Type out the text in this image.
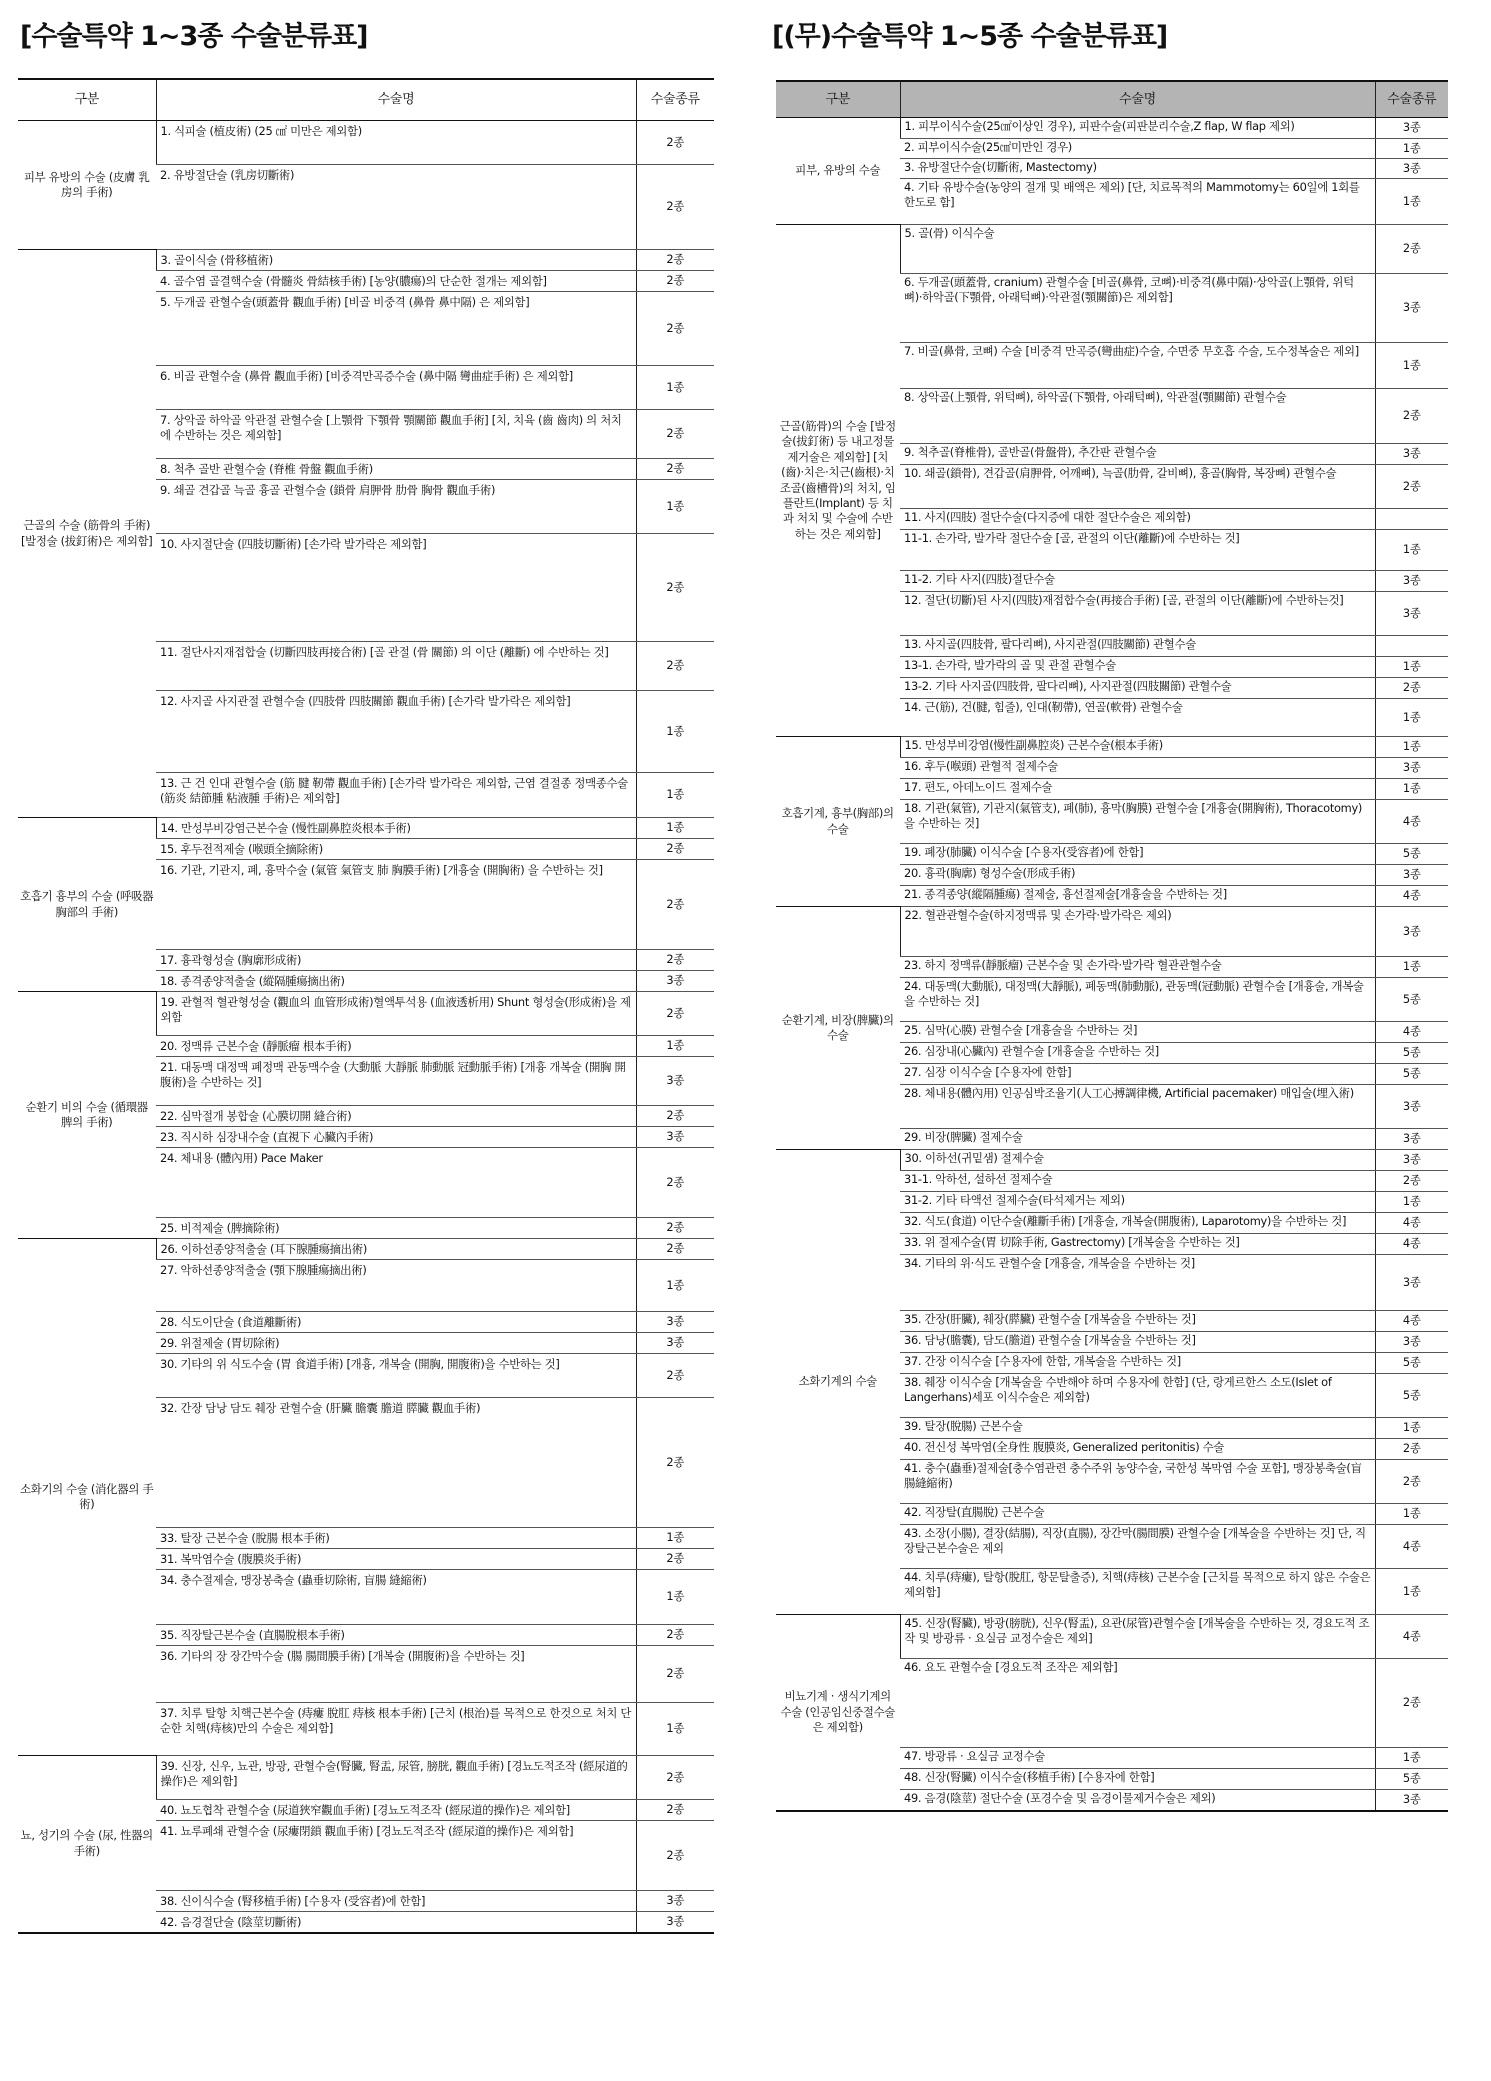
[수술특약 1~3종 수술분류표]
구분	수술명	수술종류
피부 유방의 수술 (皮膚 乳房의 手術)	1. 식피술 (植皮術) (25 ㎠ 미만은 제외함)	2종
	2. 유방절단술 (乳房切斷術)	2종
근골의 수술 (筋骨의 手術) [발정술 (拔釘術)은 제외함]	3. 골이식술 (骨移植術)	2종
	4. 골수염 골결핵수술 (骨髓炎 骨結核手術) [농양(膿瘍)의 단순한 절개는 제외함]	2종
	5. 두개골 관혈수술(頭蓋骨 觀血手術) [비골 비중격 (鼻骨 鼻中隔) 은 제외함]	2종
	6. 비골 관혈수술 (鼻骨 觀血手術) [비중격만곡증수술 (鼻中隔 彎曲症手術) 은 제외함]	1종
	7. 상악골 하악골 악관절 관혈수술 [上顎骨 下顎骨 顎關節 觀血手術] [치, 치육 (齒 齒肉) 의 처치에 수반하는 것은 제외함]	2종
	8. 척추 골반 관혈수술 (脊椎 骨盤 觀血手術)	2종
	9. 쇄골 견갑골 늑골 흉골 관혈수술 (鎖骨 肩胛骨 肋骨 胸骨 觀血手術)	1종
	10. 사지절단술 (四肢切斷術) [손가락 발가락은 제외함]	2종
	11. 절단사지재접합술 (切斷四肢再接合術) [골 관절 (骨 關節) 의 이단 (離斷) 에 수반하는 것]	2종
	12. 사지골 사지관절 관혈수술 (四肢骨 四肢關節 觀血手術) [손가락 발가락은 제외함]	1종
	13. 근 건 인대 관혈수술 (筋 腱 靭帶 觀血手術) [손가락 발가락은 제외함, 근염 결절종 정맥종수술 (筋炎 結節腫 粘液腫 手術)은 제외함]	1종
호흡기 흉부의 수술 (呼吸器 胸部의 手術)	14. 만성부비강염근본수술 (慢性副鼻腔炎根本手術)	1종
	15. 후두전적제술 (喉頭全摘除術)	2종
	16. 기관, 기관지, 폐, 흉막수술 (氣管 氣管支 肺 胸膜手術) [개흉술 (開胸術) 을 수반하는 것]	2종
	17. 흉곽형성술 (胸廓形成術)	2종
	18. 종격종양적출술 (縱隔腫瘍摘出術)	3종
순환기 비의 수술 (循環器 脾의 手術)	19. 관혈적 혈관형성술 (觀血의 血管形成術)혈액투석용 (血液透析用) Shunt 형성술(形成術)을 제외함	2종
	20. 정맥류 근본수술 (靜脈瘤 根本手術)	1종
	21. 대동맥 대정맥 폐정맥 관동맥수술 (大動脈 大靜脈 肺動脈 冠動脈手術) [개흉 개복술 (開胸 開腹術)을 수반하는 것]	3종
	22. 심막절개 봉합술 (心膜切開 縫合術)	2종
	23. 직시하 심장내수술 (直視下 心臟內手術)	3종
	24. 체내용 (體內用) Pace Maker	2종
	25. 비적제술 (脾摘除術)	2종
소화기의 수술 (消化器의 手術)	26. 이하선종양적출술 (耳下腺腫瘍摘出術)	2종
	27. 악하선종양적출술 (顎下腺腫瘍摘出術)	1종
	28. 식도이단술 (食道離斷術)	3종
	29. 위절제술 (胃切除術)	3종
	30. 기타의 위 식도수술 (胃 食道手術) [개흉, 개복술 (開胸, 開腹術)을 수반하는 것]	2종
	32. 간장 담낭 담도 췌장 관혈수술 (肝臟 膽囊 膽道 膵臟 觀血手術)	2종
	33. 탈장 근본수술 (脫腸 根本手術)	1종
	31. 복막염수술 (腹膜炎手術)	2종
	34. 충수절제술, 맹장봉축술 (蟲垂切除術, 盲腸 縫縮術)	1종
	35. 직장탈근본수술 (直腸脫根本手術)	2종
	36. 기타의 장 장간막수술 (腸 腸間膜手術) [개복술 (開腹術)을 수반하는 것]	2종
	37. 치루 탈항 치핵근본수술 (痔瘻 脫肛 痔核 根本手術) [근치 (根治)를 목적으로 한것으로 처치 단순한 치핵(痔核)만의 수술은 제외함]	1종
뇨, 성기의 수술 (尿, 性器의 手術)	39. 신장, 신우, 뇨관, 방광, 관혈수술(腎臟, 腎盂, 尿管, 膀胱, 觀血手術) [경뇨도적조작 (經尿道的操作)은 제외함]	2종
	40. 뇨도협착 관혈수술 (尿道狹窄觀血手術) [경뇨도적조작 (經尿道的操作)은 제외함]	2종
	41. 뇨루폐쇄 관혈수술 (尿瘻閉鎖 觀血手術) [경뇨도적조작 (經尿道的操作)은 제외함]	2종
	38. 신이식수술 (腎移植手術) [수용자 (受容者)에 한함]	3종
	42. 음경절단술 (陰莖切斷術)	3종
[(무)수술특약 1~5종 수술분류표]
구분	수술명	수술종류
피부, 유방의 수술	1. 피부이식수술(25㎠이상인 경우), 피판수술(피판분리수술,Z flap, W flap 제외)	3종
	2. 피부이식수술(25㎠미만인 경우)	1종
	3. 유방절단수술(切斷術, Mastectomy)	3종
	4. 기타 유방수술(농양의 절개 및 배액은 제외) [단, 치료목적의 Mammotomy는 60일에 1회를 한도로 함]	1종
근골(筋骨)의 수술 [발정술(拔釘術) 등 내고정물 제거술은 제외함] [치(齒)·치은·치근(齒根)·치조골(齒槽骨)의 처치, 임플란트(Implant) 등 치과 처치 및 수술에 수반하는 것은 제외함]	5. 골(骨) 이식수술	2종
	6. 두개골(頭蓋骨, cranium) 관혈수술 [비골(鼻骨, 코뼈)·비중격(鼻中隔)·상악골(上顎骨, 위턱뼈)·하악골(下顎骨, 아래턱뼈)·악관절(顎關節)은 제외함]	3종
	7. 비골(鼻骨, 코뼈) 수술 [비중격 만곡증(彎曲症)수술, 수면중 무호흡 수술, 도수정복술은 제외]	1종
	8. 상악골(上顎骨, 위턱뼈), 하악골(下顎骨, 아래턱뼈), 악관절(顎關節) 관혈수술	2종
	9. 척추골(脊椎骨), 골반골(骨盤骨), 추간판 관혈수술	3종
	10. 쇄골(鎖骨), 견갑골(肩胛骨, 어깨뼈), 늑골(肋骨, 갈비뼈), 흉골(胸骨, 복장뼈) 관혈수술	2종
	11. 사지(四肢) 절단수술(다지증에 대한 절단수술은 제외함)	
	11-1. 손가락, 발가락 절단수술 [골, 관절의 이단(離斷)에 수반하는 것]	1종
	11-2. 기타 사지(四肢)절단수술	3종
	12. 절단(切斷)된 사지(四肢)재접합수술(再接合手術) [골, 관절의 이단(離斷)에 수반하는것]	3종
	13. 사지골(四肢骨, 팔다리뼈), 사지관절(四肢關節) 관혈수술	
	13-1. 손가락, 발가락의 골 및 관절 관혈수술	1종
	13-2. 기타 사지골(四肢骨, 팔다리뼈), 사지관절(四肢關節) 관혈수술	2종
	14. 근(筋), 건(腱, 힘줄), 인대(靭帶), 연골(軟骨) 관혈수술	1종
호흡기계, 흉부(胸部)의 수술	15. 만성부비강염(慢性副鼻腔炎) 근본수술(根本手術)	1종
	16. 후두(喉頭) 관혈적 절제수술	3종
	17. 편도, 아데노이드 절제수술	1종
	18. 기관(氣管), 기관지(氣管支), 폐(肺), 흉막(胸膜) 관혈수술 [개흉술(開胸術), Thoracotomy)을 수반하는 것]	4종
	19. 폐장(肺臟) 이식수술 [수용자(受容者)에 한함]	5종
	20. 흉곽(胸廓) 형성수술(形成手術)	3종
	21. 종격종양(縱隔腫瘍) 절제술, 흉선절제술[개흉술을 수반하는 것]	4종
순환기계, 비장(脾臟)의 수술	22. 혈관관혈수술(하지정맥류 및 손가락·발가락은 제외)	3종
	23. 하지 정맥류(靜脈瘤) 근본수술 및 손가락·발가락 혈관관혈수술	1종
	24. 대동맥(大動脈), 대정맥(大靜脈), 폐동맥(肺動脈), 관동맥(冠動脈) 관혈수술 [개흉술, 개복술을 수반하는 것]	5종
	25. 심막(心膜) 관혈수술 [개흉술을 수반하는 것]	4종
	26. 심장내(心臟內) 관혈수술 [개흉술을 수반하는 것]	5종
	27. 심장 이식수술 [수용자에 한함]	5종
	28. 체내용(體內用) 인공심박조율기(人工心搏調律機, Artificial pacemaker) 매입술(埋入術)	3종
	29. 비장(脾臟) 절제수술	3종
소화기계의 수술	30. 이하선(귀밑샘) 절제수술	3종
	31-1. 악하선, 설하선 절제수술	2종
	31-2. 기타 타액선 절제수술(타석제거는 제외)	1종
	32. 식도(食道) 이단수술(離斷手術) [개흉술, 개복술(開腹術), Laparotomy)을 수반하는 것]	4종
	33. 위 절제수술(胃 切除手術, Gastrectomy) [개복술을 수반하는 것]	4종
	34. 기타의 위·식도 관혈수술 [개흉술, 개복술을 수반하는 것]	3종
	35. 간장(肝臟), 췌장(膵臟) 관혈수술 [개복술을 수반하는 것]	4종
	36. 담낭(膽囊), 담도(膽道) 관혈수술 [개복술을 수반하는 것]	3종
	37. 간장 이식수술 [수용자에 한함, 개복술을 수반하는 것]	5종
	38. 췌장 이식수술 [개복술을 수반해야 하며 수용자에 한함] (단, 랑게르한스 소도(Islet of Langerhans)세포 이식수술은 제외함)	5종
	39. 탈장(脫腸) 근본수술	1종
	40. 전신성 복막염(全身性 腹膜炎, Generalized peritonitis) 수술	2종
	41. 충수(蟲垂)절제술[충수염관련 충수주위 농양수술, 국한성 복막염 수술 포함], 맹장봉축술(盲腸縫縮術)	2종
	42. 직장탈(直腸脫) 근본수술	1종
	43. 소장(小腸), 결장(結腸), 직장(直腸), 장간막(腸間膜) 관혈수술 [개복술을 수반하는 것] 단, 직장탈근본수술은 제외	4종
	44. 치루(痔瘻), 탈항(脫肛, 항문탈출증), 치핵(痔核) 근본수술 [근치를 목적으로 하지 않은 수술은 제외함]	1종
비뇨기계 · 생식기계의 수술 (인공임신중절수술은 제외함)	45. 신장(腎臟), 방광(膀胱), 신우(腎盂), 요관(尿管)관혈수술 [개복술을 수반하는 것, 경요도적 조작 및 방광류 · 요실금 교정수술은 제외]	4종
	46. 요도 관혈수술 [경요도적 조작은 제외함]	2종
	47. 방광류 · 요실금 교정수술	1종
	48. 신장(腎臟) 이식수술(移植手術) [수용자에 한함]	5종
	49. 음경(陰莖) 절단수술 (포경수술 및 음경이물제거수술은 제외)	3종
